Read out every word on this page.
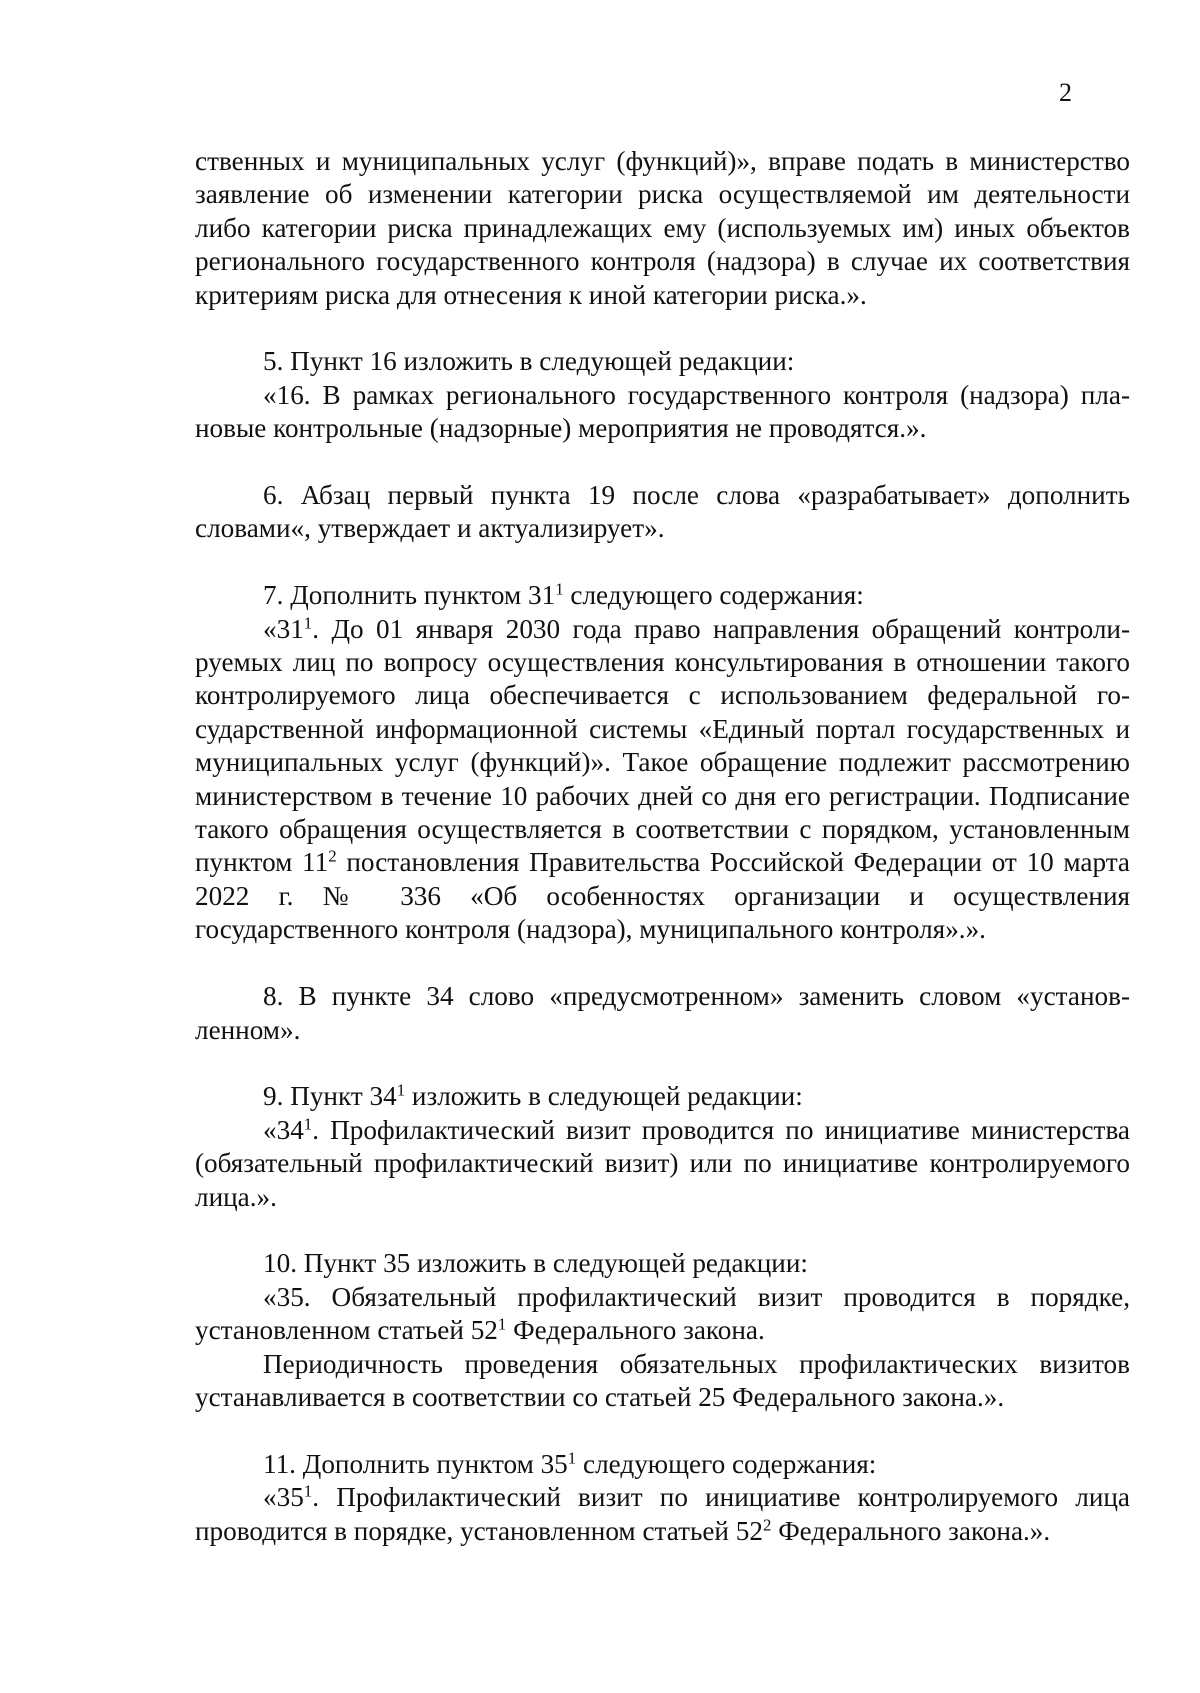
2

ственных и муниципальных услуг (функций)», вправе подать в министерство заявление об изменении категории риска осуществляемой им деятельности либо категории риска принадлежащих ему (используемых им) иных объектов регионального государственного контроля (надзора) в случае их соответствия критериям риска для отнесения к иной категории риска.».

5. Пункт 16 изложить в следующей редакции:

«16. В рамках регионального государственного контроля (надзора) плановые контрольные (надзорные) мероприятия не проводятся.».

6. Абзац первый пункта 19 после слова «разрабатывает» дополнить словами«, утверждает и актуализирует».

7. Дополнить пунктом $31^1$ следующего содержания:

«$31^1$. До 01 января 2030 года право направления обращений контролируемых лиц по вопросу осуществления консультирования в отношении такого контролируемого лица обеспечивается с использованием федеральной государственной информационной системы «Единый портал государственных и муниципальных услуг (функций)». Такое обращение подлежит рассмотрению министерством в течение 10 рабочих дней со дня его регистрации. Подписание такого обращения осуществляется в соответствии с порядком, установленным пунктом $11^2$ постановления Правительства Российской Федерации от 10 марта 2022 г. № 336 «Об особенностях организации и осуществления государственного контроля (надзора), муниципального контроля».».

8. В пункте 34 слово «предусмотренном» заменить словом «установленном».

9. Пункт $34^1$ изложить в следующей редакции:

«$34^1$. Профилактический визит проводится по инициативе министерства (обязательный профилактический визит) или по инициативе контролируемого лица.».

10. Пункт 35 изложить в следующей редакции:

«35. Обязательный профилактический визит проводится в порядке, установленном статьей $52^1$ Федерального закона.

Периодичность проведения обязательных профилактических визитов устанавливается в соответствии со статьей 25 Федерального закона.».

11. Дополнить пунктом $35^1$ следующего содержания:

«$35^1$. Профилактический визит по инициативе контролируемого лица проводится в порядке, установленном статьей $52^2$ Федерального закона.».
